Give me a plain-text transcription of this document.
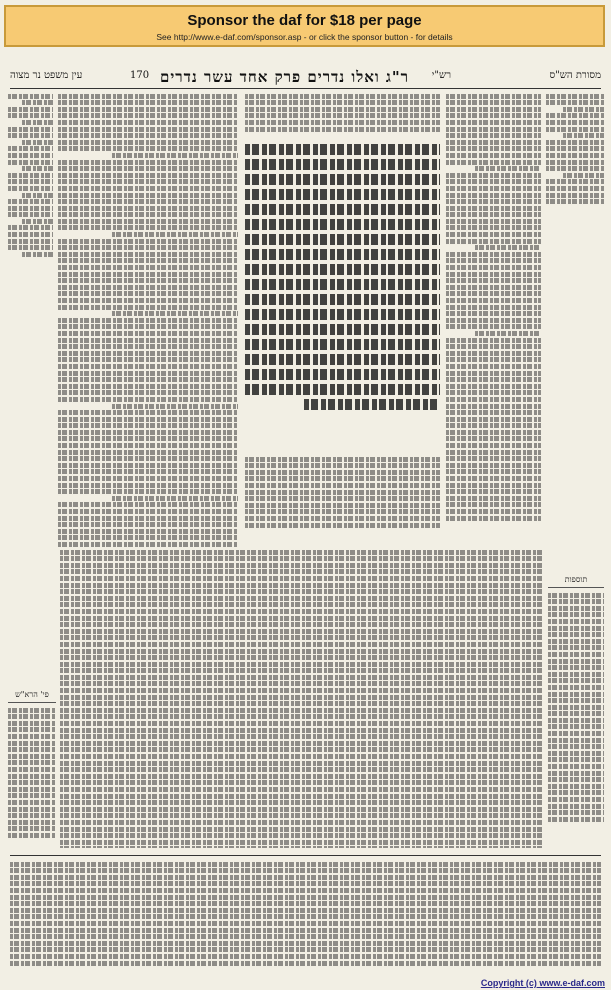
Sponsor the daf for $18 per page
See http://www.e-daf.com/sponsor.asp - or click the sponsor button - for details
עין משפט נר מצוה	170 ר"ג ואלו נדרים פרק אחד עשר נדרים רש"י	מסורת הש"ס
פי' הרא"ש
תוספות
Copyright (c) www.e-daf.com
